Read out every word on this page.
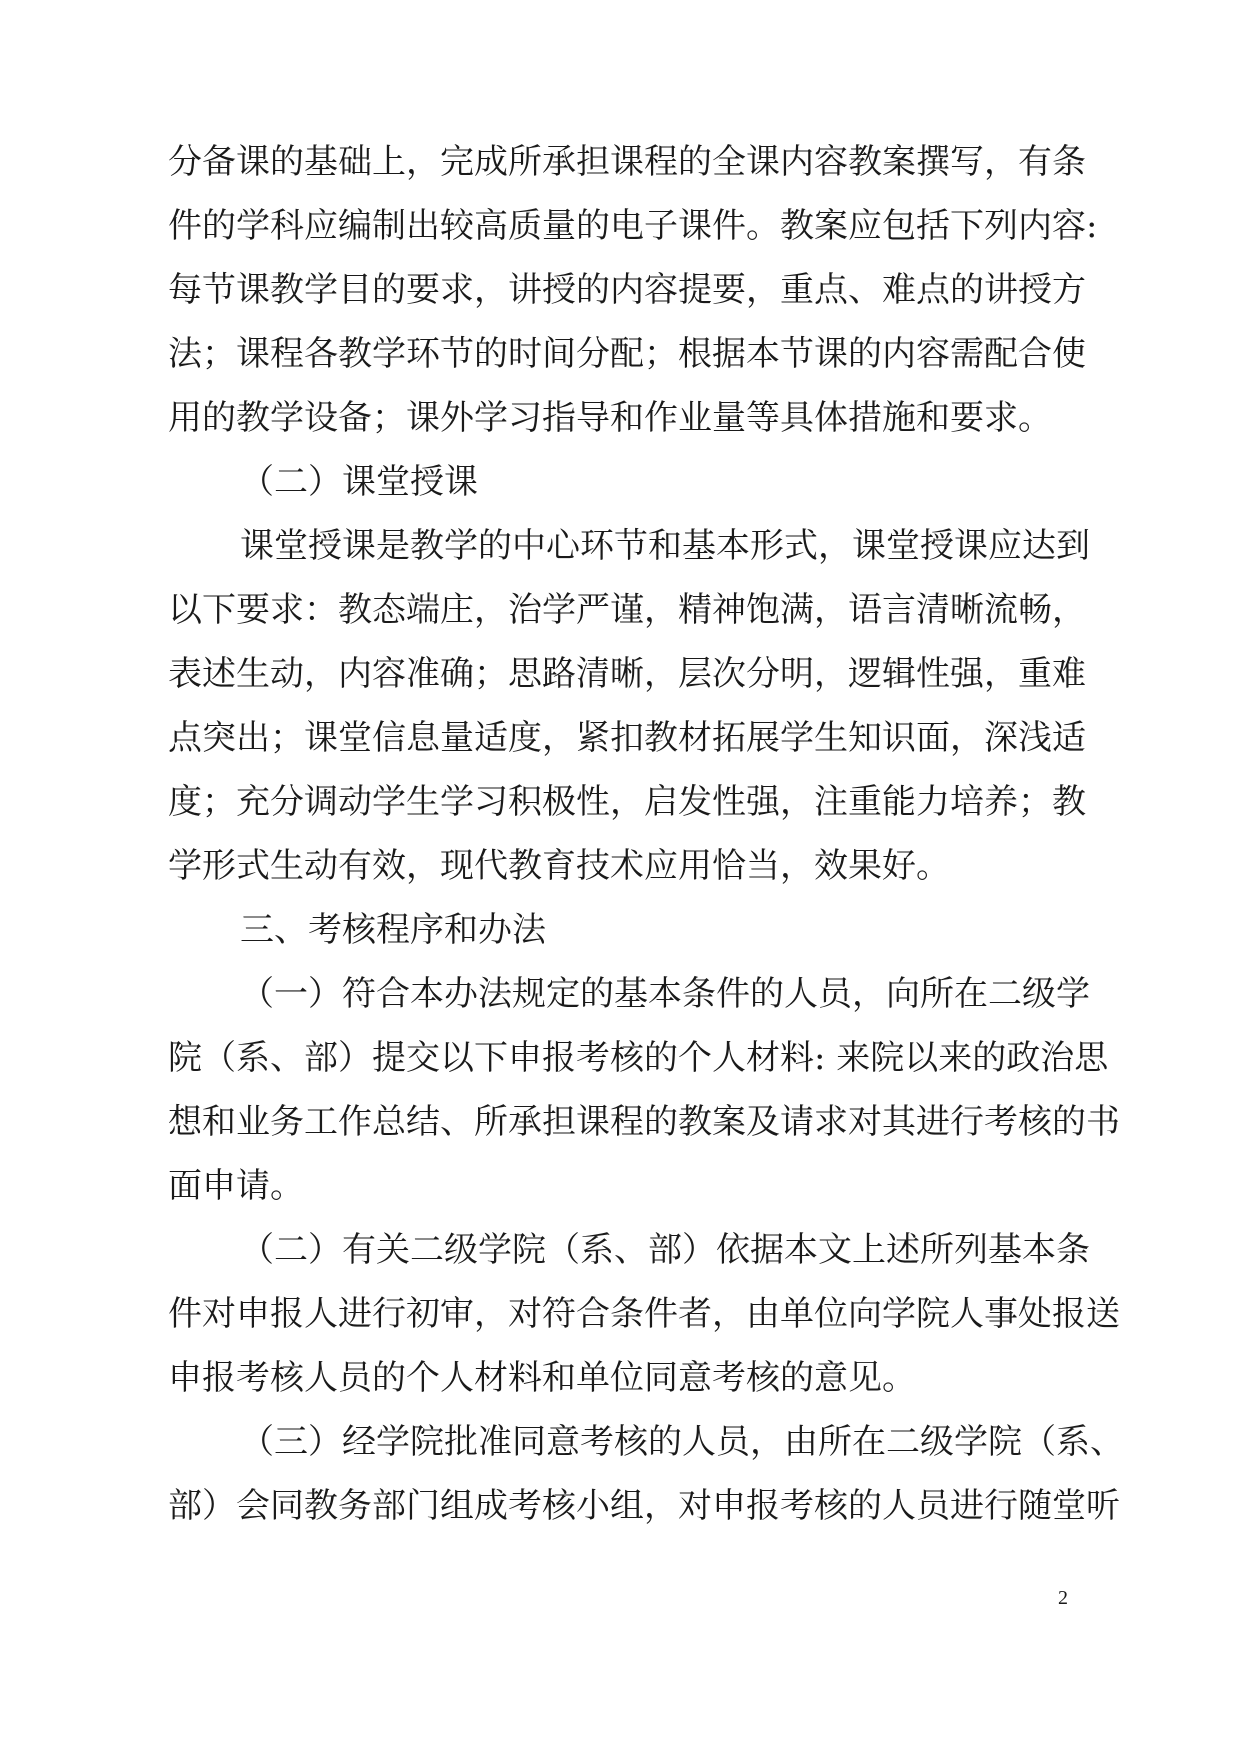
分备课的基础上，完成所承担课程的全课内容教案撰写，有条
件的学科应编制出较高质量的电子课件。教案应包括下列内容:
每节课教学目的要求，讲授的内容提要，重点、难点的讲授方
法；课程各教学环节的时间分配；根据本节课的内容需配合使
用的教学设备；课外学习指导和作业量等具体措施和要求。
（二）课堂授课
课堂授课是教学的中心环节和基本形式，课堂授课应达到
以下要求：教态端庄，治学严谨，精神饱满，语言清晰流畅，
表述生动，内容准确；思路清晰，层次分明，逻辑性强，重难
点突出；课堂信息量适度，紧扣教材拓展学生知识面，深浅适
度；充分调动学生学习积极性，启发性强，注重能力培养；教
学形式生动有效，现代教育技术应用恰当，效果好。
三、考核程序和办法
（一）符合本办法规定的基本条件的人员，向所在二级学
院（系、部）提交以下申报考核的个人材料: 来院以来的政治思
想和业务工作总结、所承担课程的教案及请求对其进行考核的书
面申请。
（二）有关二级学院（系、部）依据本文上述所列基本条
件对申报人进行初审，对符合条件者，由单位向学院人事处报送
申报考核人员的个人材料和单位同意考核的意见。
（三）经学院批准同意考核的人员，由所在二级学院（系、
部）会同教务部门组成考核小组，对申报考核的人员进行随堂听
2
